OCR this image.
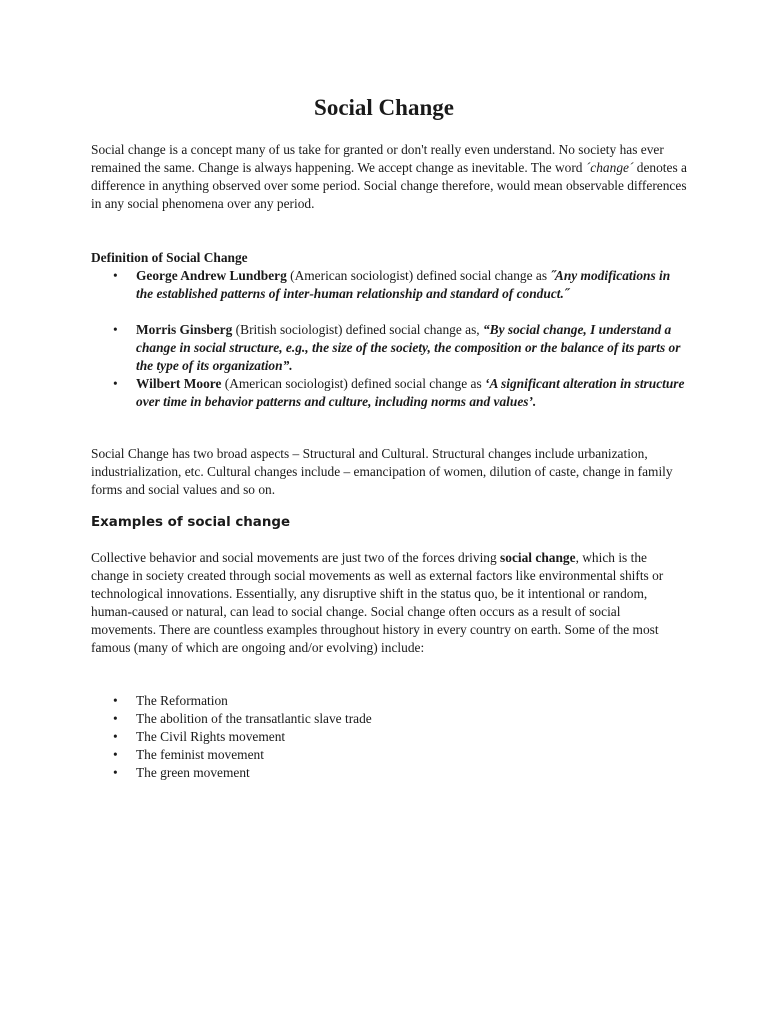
Social Change

Social change is a concept many of us take for granted or don't really even understand. No society has ever remained the same. Change is always happening. We accept change as inevitable. The word ´change´ denotes a difference in anything observed over some period. Social change therefore, would mean observable differences in any social phenomena over any period.

Definition of Social Change

• George Andrew Lundberg (American sociologist) defined social change as ˝Any modifications in the established patterns of inter-human relationship and standard of conduct.˝
• Morris Ginsberg (British sociologist) defined social change as, “By social change, I understand a change in social structure, e.g., the size of the society, the composition or the balance of its parts or the type of its organization”.
• Wilbert Moore (American sociologist) defined social change as ‘A significant alteration in structure over time in behavior patterns and culture, including norms and values’.

Social Change has two broad aspects – Structural and Cultural. Structural changes include urbanization, industrialization, etc. Cultural changes include – emancipation of women, dilution of caste, change in family forms and social values and so on.

Examples of social change

Collective behavior and social movements are just two of the forces driving social change, which is the change in society created through social movements as well as external factors like environmental shifts or technological innovations. Essentially, any disruptive shift in the status quo, be it intentional or random, human-caused or natural, can lead to social change. Social change often occurs as a result of social movements. There are countless examples throughout history in every country on earth. Some of the most famous (many of which are ongoing and/or evolving) include:

• The Reformation
• The abolition of the transatlantic slave trade
• The Civil Rights movement
• The feminist movement
• The green movement
